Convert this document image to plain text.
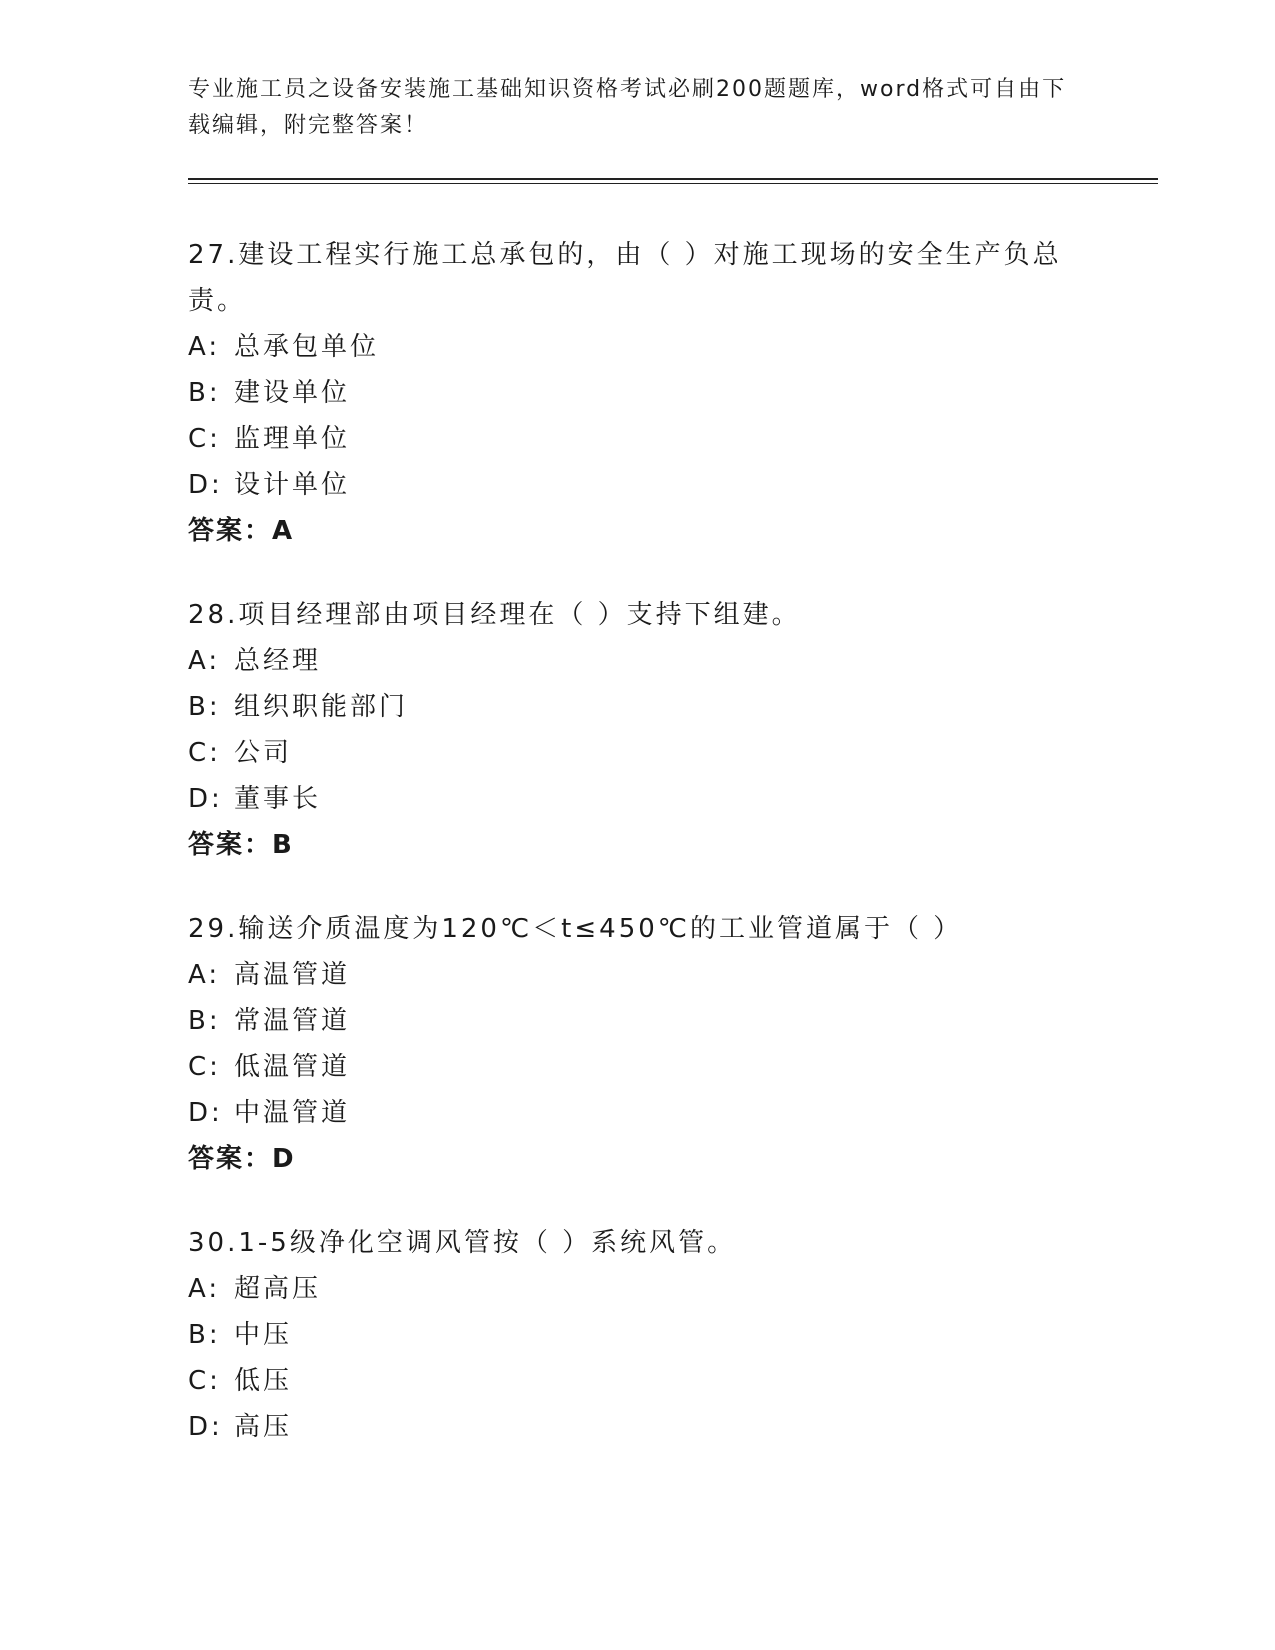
专业施工员之设备安装施工基础知识资格考试必刷200题题库，word格式可自由下载编辑，附完整答案！
27.建设工程实行施工总承包的，由（ ）对施工现场的安全生产负总责。
A: 总承包单位
B: 建设单位
C: 监理单位
D: 设计单位
答案：A
28.项目经理部由项目经理在（ ）支持下组建。
A: 总经理
B: 组织职能部门
C: 公司
D: 董事长
答案：B
29.输送介质温度为120℃＜t≤450℃的工业管道属于（ ）
A: 高温管道
B: 常温管道
C: 低温管道
D: 中温管道
答案：D
30.1-5级净化空调风管按（ ）系统风管。
A: 超高压
B: 中压
C: 低压
D: 高压
